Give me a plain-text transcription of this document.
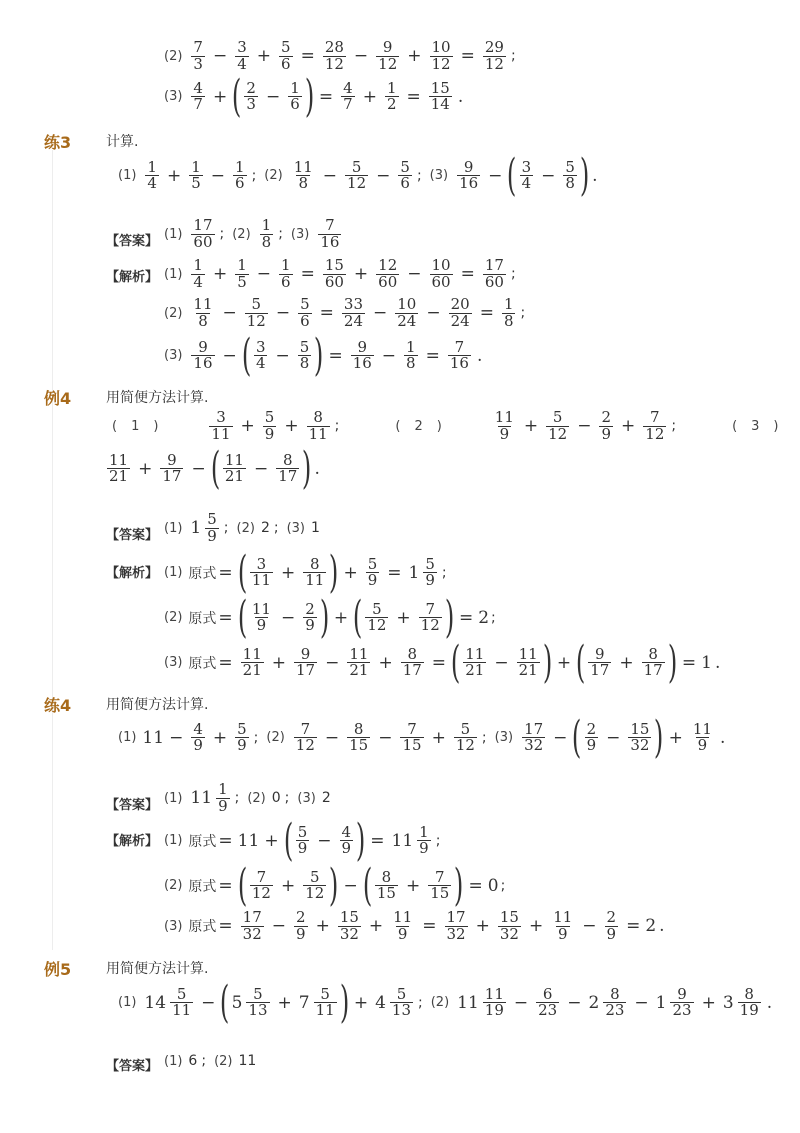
$(2) \frac{7}{3} - \frac{3}{4} + \frac{5}{6} = \frac{28}{12} - \frac{9}{12} + \frac{10}{12} = \frac{29}{12}$ ;
$(3) \frac{4}{7}$ + ( $\frac{2}{3} - \frac{1}{6}$ ) = $\frac{4}{7} + \frac{1}{2} = \frac{15}{14}$ .
练3 计算.
$(1) \frac{1}{4} + \frac{1}{5} - \frac{1}{6}$ ; $(2) \frac{11}{8} - \frac{5}{12} - \frac{5}{6}$ ; $(3) \frac{9}{16}$ − ( $\frac{3}{4} - \frac{5}{8}$ ) .
【答案】 $(1) \frac{17}{60}$ ; $(2) \frac{1}{8}$ ; $(3) \frac{7}{16}$
【解析】 $(1) \frac{1}{4} + \frac{1}{5} - \frac{1}{6} = \frac{15}{60} + \frac{12}{60} - \frac{10}{60} = \frac{17}{60}$ ;
$(2) \frac{11}{8} - \frac{5}{12} - \frac{5}{6} = \frac{33}{24} - \frac{10}{24} - \frac{20}{24} = \frac{1}{8}$ ;
$(3) \frac{9}{16}$ − ( $\frac{3}{4} - \frac{5}{8}$ ) = $\frac{9}{16} - \frac{1}{8} = \frac{7}{16}$ .
例4 用简便方法计算.
$(1) \frac{3}{11} + \frac{5}{9} + \frac{8}{11}$ ;	$(2) \frac{11}{9} + \frac{5}{12} - \frac{2}{9} + \frac{7}{12}$ ;	(3)
$\frac{11}{21} + \frac{9}{17}$ − ( $\frac{11}{21} - \frac{8}{17}$ ) .
【答案】 (1) $1 \frac{5}{9}$ ; (2) 2 ; (3) 1
【解析】 (1) 原式 = ( $\frac{3}{11} + \frac{8}{11}$ ) + $\frac{5}{9} = 1 \frac{5}{9}$ ;
(2) 原式 = ( $\frac{11}{9} - \frac{2}{9}$ ) + ( $\frac{5}{12} + \frac{7}{12}$ ) = 2 ;
(3) 原式 = $\frac{11}{21} + \frac{9}{17} - \frac{11}{21} + \frac{8}{17}$ = ( $\frac{11}{21} - \frac{11}{21}$ ) + ( $\frac{9}{17} + \frac{8}{17}$ ) = 1 .
练4 用简便方法计算.
(1) $11 - \frac{4}{9} + \frac{5}{9}$ ; $(2) \frac{7}{12} - \frac{8}{15} - \frac{7}{15} + \frac{5}{12}$ ; $(3) \frac{17}{32}$ − ( $\frac{2}{9} - \frac{15}{32}$ ) + $\frac{11}{9}$ .
【答案】 (1) $11 \frac{1}{9}$ ; (2) 0 ; (3) 2
【解析】 (1) 原式 = 11 + ( $\frac{5}{9} - \frac{4}{9}$ ) = $11 \frac{1}{9}$ ;
(2) 原式 = ( $\frac{7}{12} + \frac{5}{12}$ ) − ( $\frac{8}{15} + \frac{7}{15}$ ) = 0 ;
(3) 原式 = $\frac{17}{32} - \frac{2}{9} + \frac{15}{32} + \frac{11}{9} = \frac{17}{32} + \frac{15}{32} + \frac{11}{9} - \frac{2}{9} = 2$ .
例5 用简便方法计算.
(1) $14 \frac{5}{11}$ − ( $5 \frac{5}{13} + 7 \frac{5}{11}$ ) + $4 \frac{5}{13}$ ; (2) $11 \frac{11}{19} - \frac{6}{23} - 2 \frac{8}{23} - 1 \frac{9}{23} + 3 \frac{8}{19}$ .
【答案】 (1) 6 ; (2) 11
